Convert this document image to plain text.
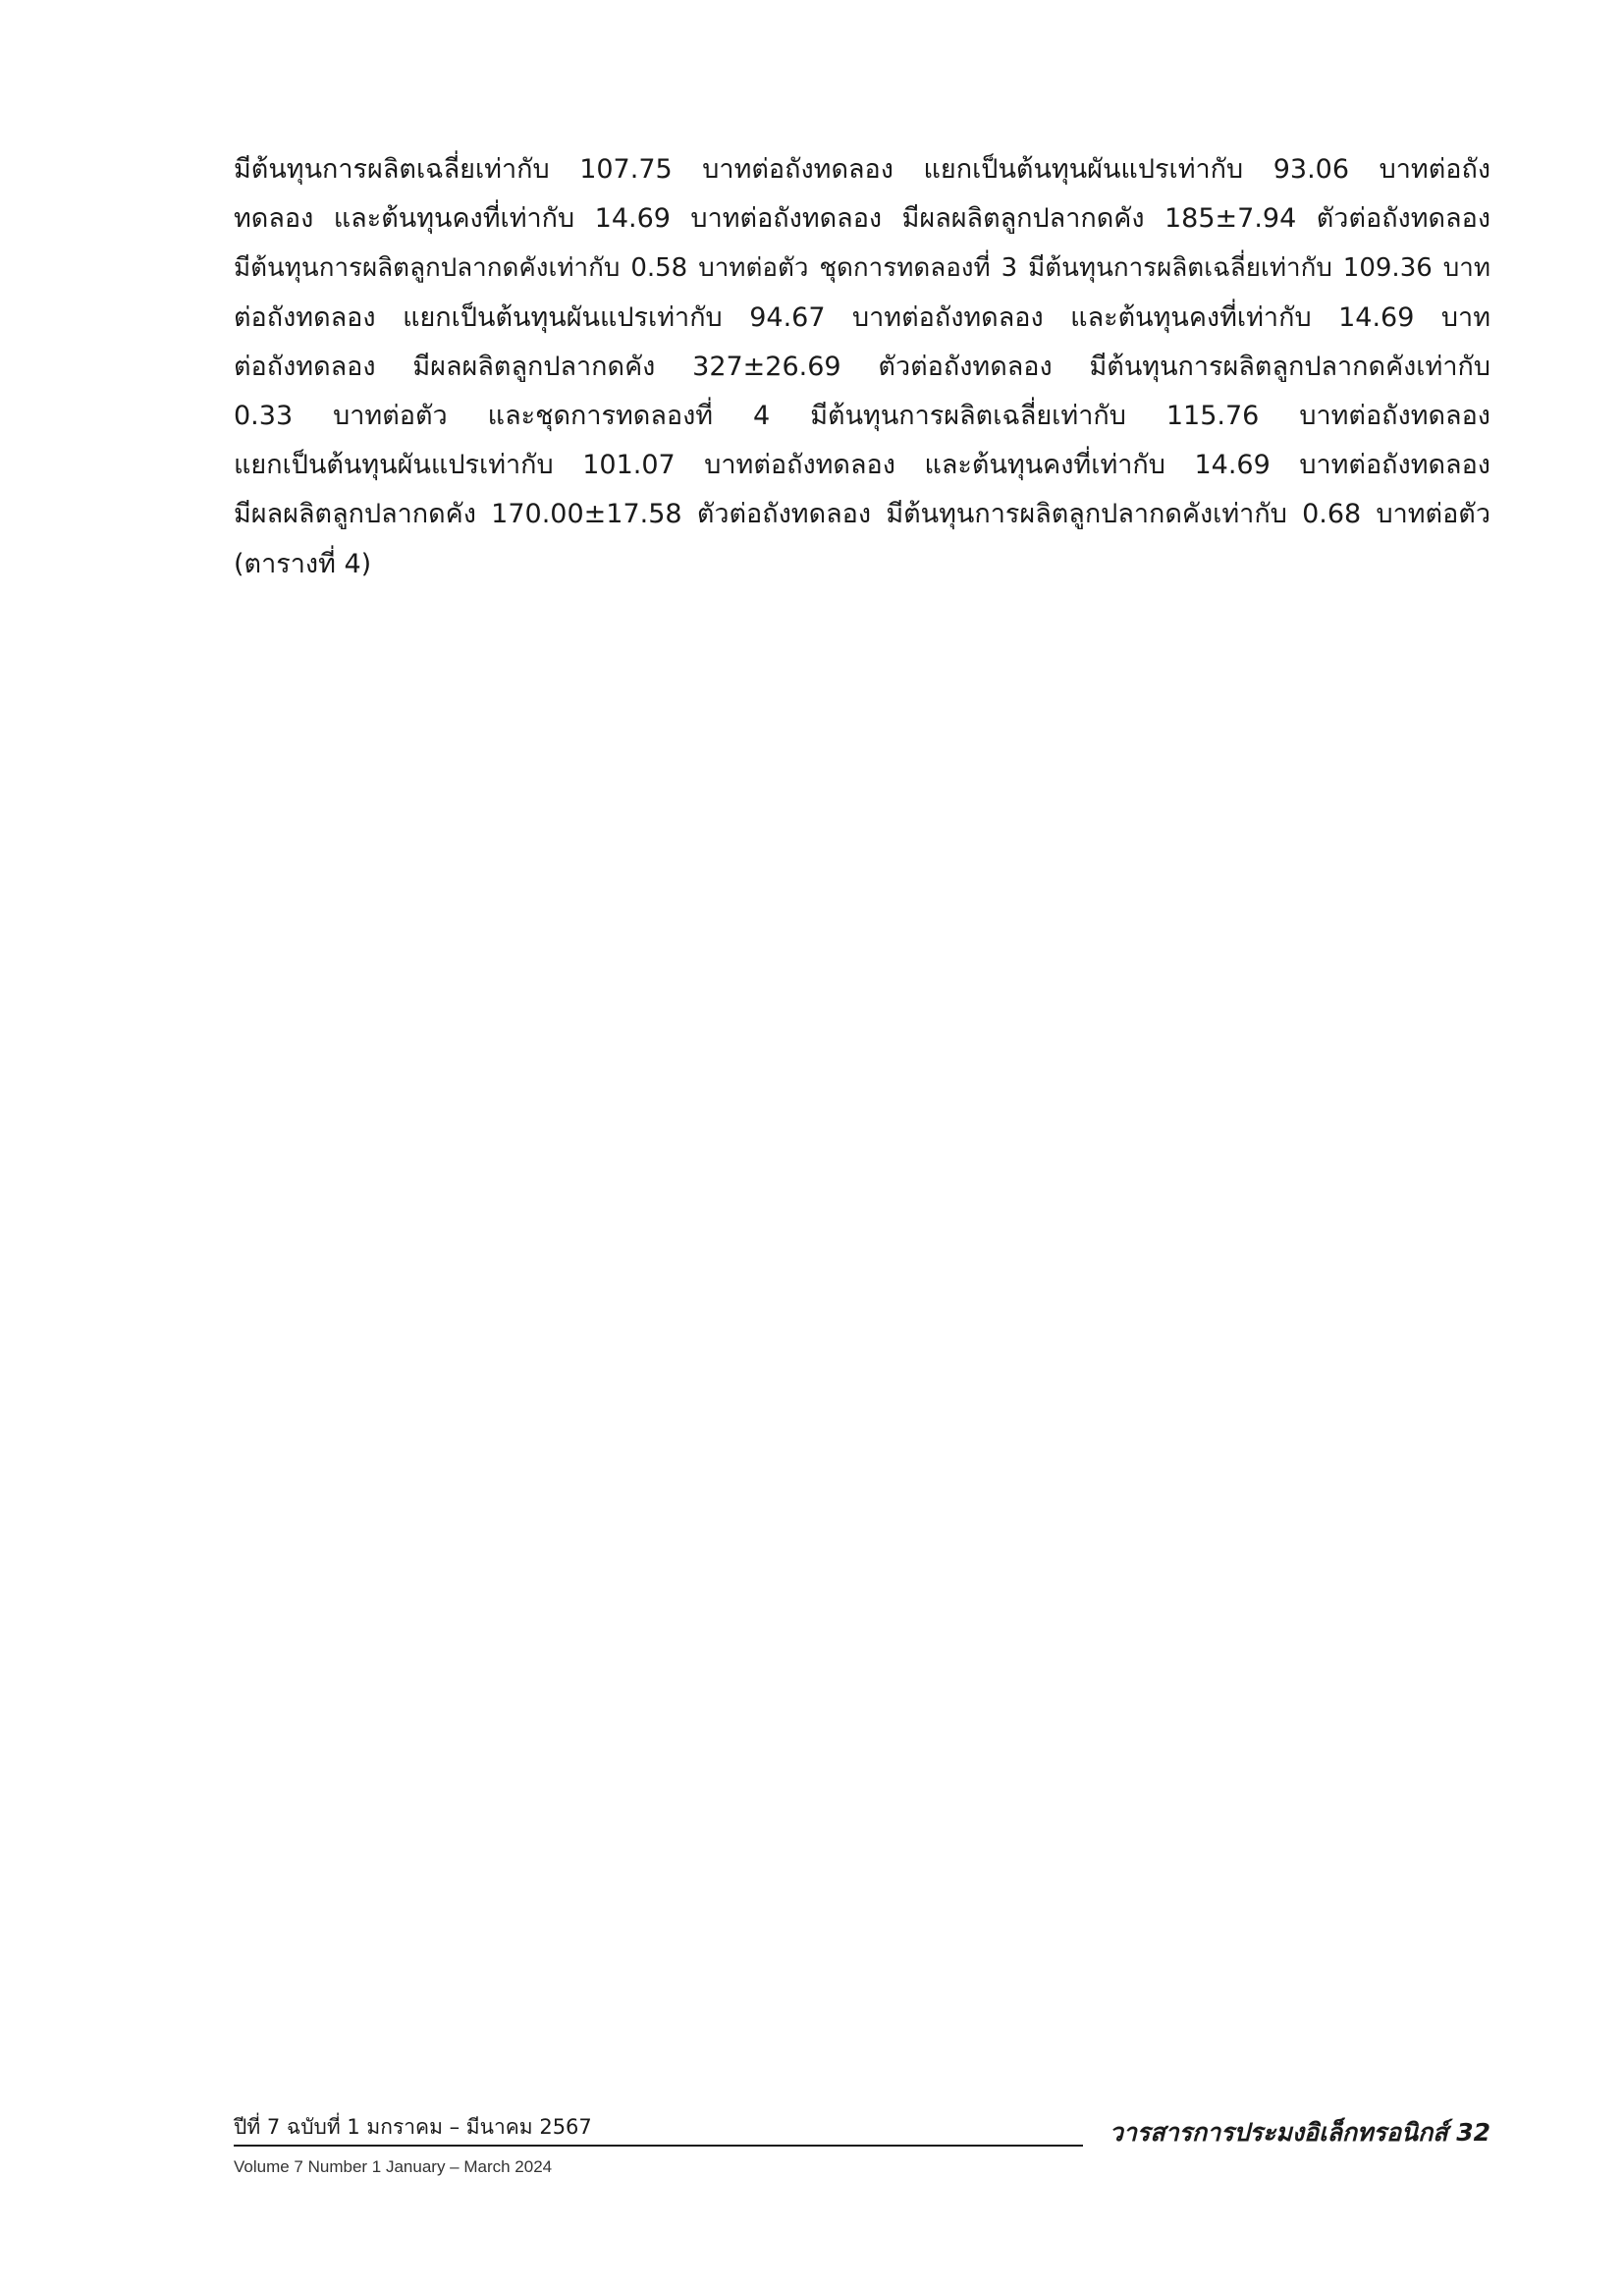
มีต้นทุนการผลิตเฉลี่ยเท่ากับ 107.75 บาทต่อถังทดลอง แยกเป็นต้นทุนผันแปรเท่ากับ 93.06 บาทต่อถัง
ทดลอง และต้นทุนคงที่เท่ากับ 14.69 บาทต่อถังทดลอง มีผลผลิตลูกปลากดคัง 185±7.94 ตัวต่อถังทดลอง
มีต้นทุนการผลิตลูกปลากดคังเท่ากับ 0.58 บาทต่อตัว ชุดการทดลองที่ 3 มีต้นทุนการผลิตเฉลี่ยเท่ากับ 109.36 บาท
ต่อถังทดลอง แยกเป็นต้นทุนผันแปรเท่ากับ 94.67 บาทต่อถังทดลอง และต้นทุนคงที่เท่ากับ 14.69 บาท
ต่อถังทดลอง มีผลผลิตลูกปลากดคัง 327±26.69 ตัวต่อถังทดลอง มีต้นทุนการผลิตลูกปลากดคังเท่ากับ
0.33 บาทต่อตัว และชุดการทดลองที่ 4 มีต้นทุนการผลิตเฉลี่ยเท่ากับ 115.76 บาทต่อถังทดลอง
แยกเป็นต้นทุนผันแปรเท่ากับ 101.07 บาทต่อถังทดลอง และต้นทุนคงที่เท่ากับ 14.69 บาทต่อถังทดลอง
มีผลผลิตลูกปลากดคัง 170.00±17.58 ตัวต่อถังทดลอง มีต้นทุนการผลิตลูกปลากดคังเท่ากับ 0.68 บาทต่อตัว
(ตารางที่ 4)
ปีที่ 7 ฉบับที่ 1 มกราคม – มีนาคม 2567	วารสารการประมงอิเล็กทรอนิกส์ 32
Volume 7 Number 1 January – March 2024
